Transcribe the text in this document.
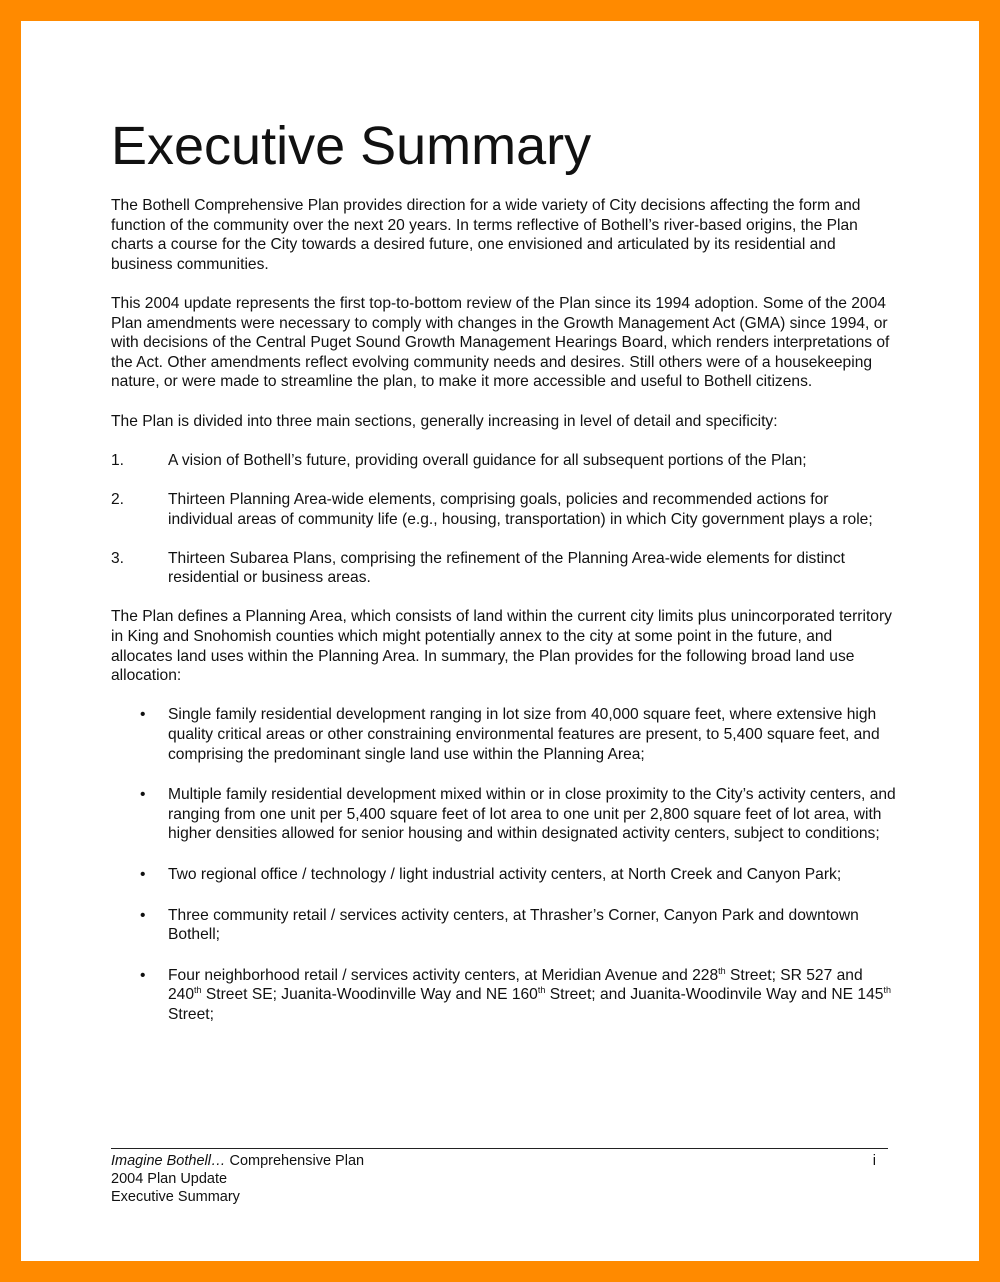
Executive Summary

The Bothell Comprehensive Plan provides direction for a wide variety of City decisions affecting the form and function of the community over the next 20 years. In terms reflective of Bothell’s river-based origins, the Plan charts a course for the City towards a desired future, one envisioned and articulated by its residential and business communities.

This 2004 update represents the first top-to-bottom review of the Plan since its 1994 adoption. Some of the 2004 Plan amendments were necessary to comply with changes in the Growth Management Act (GMA) since 1994, or with decisions of the Central Puget Sound Growth Management Hearings Board, which renders interpretations of the Act. Other amendments reflect evolving community needs and desires. Still others were of a housekeeping nature, or were made to streamline the plan, to make it more accessible and useful to Bothell citizens.

The Plan is divided into three main sections, generally increasing in level of detail and specificity:

1.	A vision of Bothell’s future, providing overall guidance for all subsequent portions of the Plan;
2.	Thirteen Planning Area-wide elements, comprising goals, policies and recommended actions for individual areas of community life (e.g., housing, transportation) in which City government plays a role;
3.	Thirteen Subarea Plans, comprising the refinement of the Planning Area-wide elements for distinct residential or business areas.

The Plan defines a Planning Area, which consists of land within the current city limits plus unincorporated territory in King and Snohomish counties which might potentially annex to the city at some point in the future, and allocates land uses within the Planning Area. In summary, the Plan provides for the following broad land use allocation:

• Single family residential development ranging in lot size from 40,000 square feet, where extensive high quality critical areas or other constraining environmental features are present, to 5,400 square feet, and comprising the predominant single land use within the Planning Area;
• Multiple family residential development mixed within or in close proximity to the City’s activity centers, and ranging from one unit per 5,400 square feet of lot area to one unit per 2,800 square feet of lot area, with higher densities allowed for senior housing and within designated activity centers, subject to conditions;
• Two regional office / technology / light industrial activity centers, at North Creek and Canyon Park;
• Three community retail / services activity centers, at Thrasher’s Corner, Canyon Park and downtown Bothell;
• Four neighborhood retail / services activity centers, at Meridian Avenue and 228th Street; SR 527 and 240th Street SE; Juanita-Woodinville Way and NE 160th Street; and Juanita-Woodinvile Way and NE 145th Street;
Imagine Bothell… Comprehensive Plan
2004 Plan Update
Executive Summary
i
